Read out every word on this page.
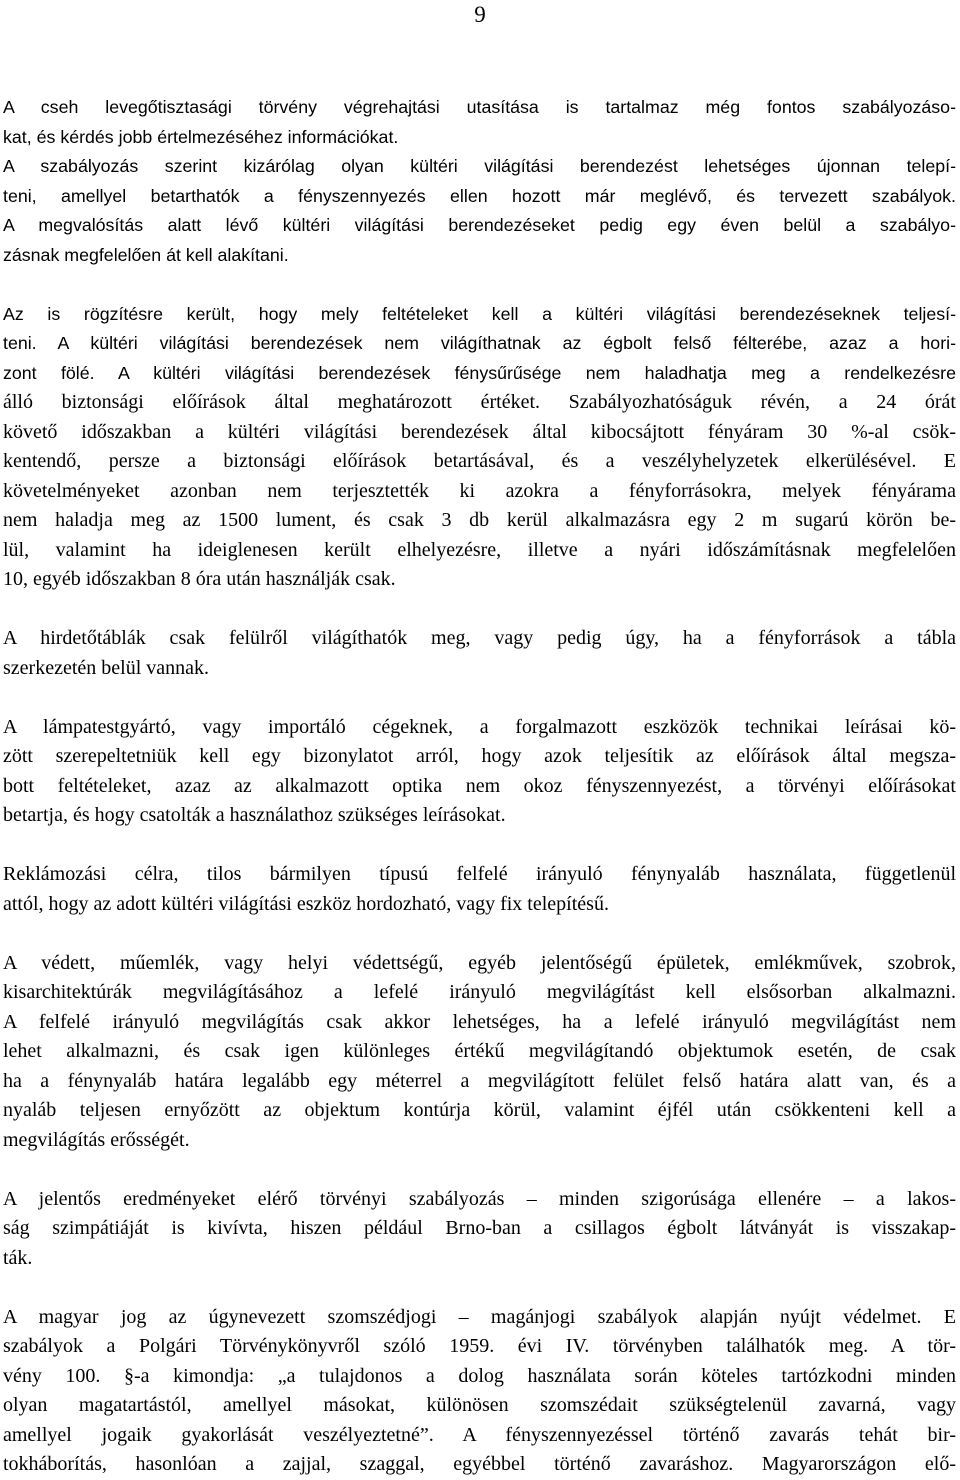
9
A cseh levegőtisztasági törvény végrehajtási utasítása is tartalmaz még fontos szabályozáso-
kat, és kérdés jobb értelmezéséhez információkat.
A szabályozás szerint kizárólag olyan kültéri világítási berendezést lehetséges újonnan telepí-
teni, amellyel betarthatók a fényszennyezés ellen hozott már meglévő, és tervezett szabályok.
A megvalósítás alatt lévő kültéri világítási berendezéseket pedig egy éven belül a szabályo-
zásnak megfelelően át kell alakítani.
Az is rögzítésre került, hogy mely feltételeket kell a kültéri világítási berendezéseknek teljesí-
teni. A kültéri világítási berendezések nem világíthatnak az égbolt felső félterébe, azaz a hori-
zont fölé. A kültéri világítási berendezések fénysűrűsége nem haladhatja meg a rendelkezésre
álló biztonsági előírások által meghatározott értéket. Szabályozhatóságuk révén, a 24 órát
követő időszakban a kültéri világítási berendezések által kibocsájtott fényáram 30 %-al csök-
kentendő, persze a biztonsági előírások betartásával, és a veszélyhelyzetek elkerülésével. E
követelményeket azonban nem terjesztették ki azokra a fényforrásokra, melyek fényárama
nem haladja meg az 1500 lument, és csak 3 db kerül alkalmazásra egy 2 m sugarú körön be-
lül, valamint ha ideiglenesen került elhelyezésre, illetve a nyári időszámításnak megfelelően
10, egyéb időszakban 8 óra után használják csak.
A hirdetőtáblák csak felülről világíthatók meg, vagy pedig úgy, ha a fényforrások a tábla
szerkezetén belül vannak.
A lámpatestgyártó, vagy importáló cégeknek, a forgalmazott eszközök technikai leírásai kö-
zött szerepeltetniük kell egy bizonylatot arról, hogy azok teljesítik az előírások által megsza-
bott feltételeket, azaz az alkalmazott optika nem okoz fényszennyezést, a törvényi előírásokat
betartja, és hogy csatolták a használathoz szükséges leírásokat.
Reklámozási célra, tilos bármilyen típusú felfelé irányuló fénynyaláb használata, függetlenül
attól, hogy az adott kültéri világítási eszköz hordozható, vagy fix telepítésű.
A védett, műemlék, vagy helyi védettségű, egyéb jelentőségű épületek, emlékművek, szobrok,
kisarchitektúrák megvilágításához a lefelé irányuló megvilágítást kell elsősorban alkalmazni.
A felfelé irányuló megvilágítás csak akkor lehetséges, ha a lefelé irányuló megvilágítást nem
lehet alkalmazni, és csak igen különleges értékű megvilágítandó objektumok esetén, de csak
ha a fénynyaláb határa legalább egy méterrel a megvilágított felület felső határa alatt van, és a
nyaláb teljesen ernyőzött az objektum kontúrja körül, valamint éjfél után csökkenteni kell a
megvilágítás erősségét.
A jelentős eredményeket elérő törvényi szabályozás – minden szigorúsága ellenére – a lakos-
ság szimpátiáját is kivívta, hiszen például Brno-ban a csillagos égbolt látványát is visszakap-
ták.
A magyar jog az úgynevezett szomszédjogi – magánjogi szabályok alapján nyújt védelmet. E
szabályok a Polgári Törvénykönyvről szóló 1959. évi IV. törvényben találhatók meg. A tör-
vény 100. §-a kimondja: „a tulajdonos a dolog használata során köteles tartózkodni minden
olyan magatartástól, amellyel másokat, különösen szomszédait szükségtelenül zavarná, vagy
amellyel jogaik gyakorlását veszélyeztetné”. A fényszennyezéssel történő zavarás tehát bir-
tokháborítás, hasonlóan a zajjal, szaggal, egyébbel történő zavaráshoz. Magyarországon elő-
